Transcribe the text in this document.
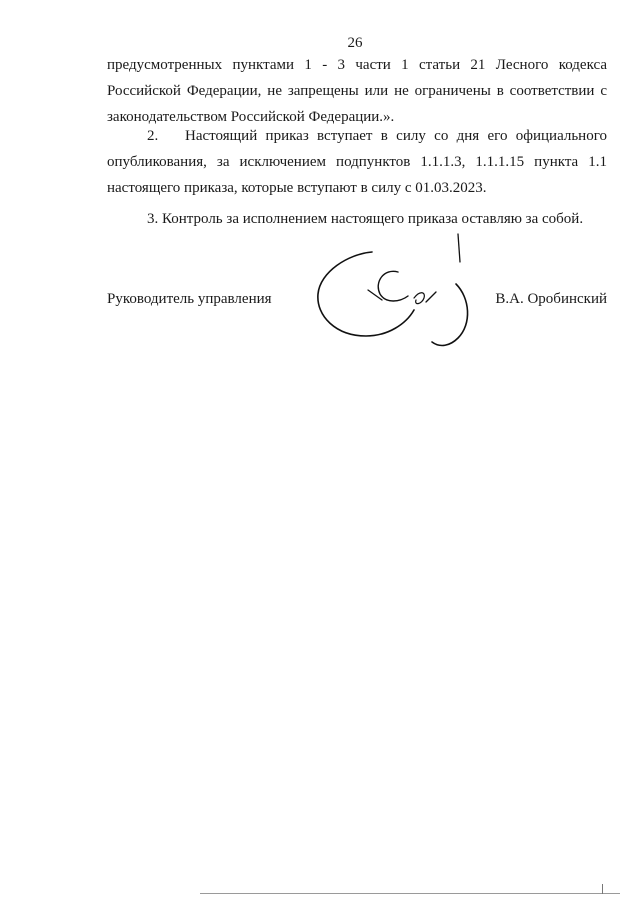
26

предусмотренных пунктами 1 - 3 части 1 статьи 21 Лесного кодекса Российской Федерации, не запрещены или не ограничены в соответствии с законодательством Российской Федерации.».

2. Настоящий приказ вступает в силу со дня его официального опубликования, за исключением подпунктов 1.1.1.3, 1.1.1.15 пункта 1.1 настоящего приказа, которые вступают в силу с 01.03.2023.

3. Контроль за исполнением настоящего приказа оставляю за собой.

Руководитель управления	В.А. Оробинский
